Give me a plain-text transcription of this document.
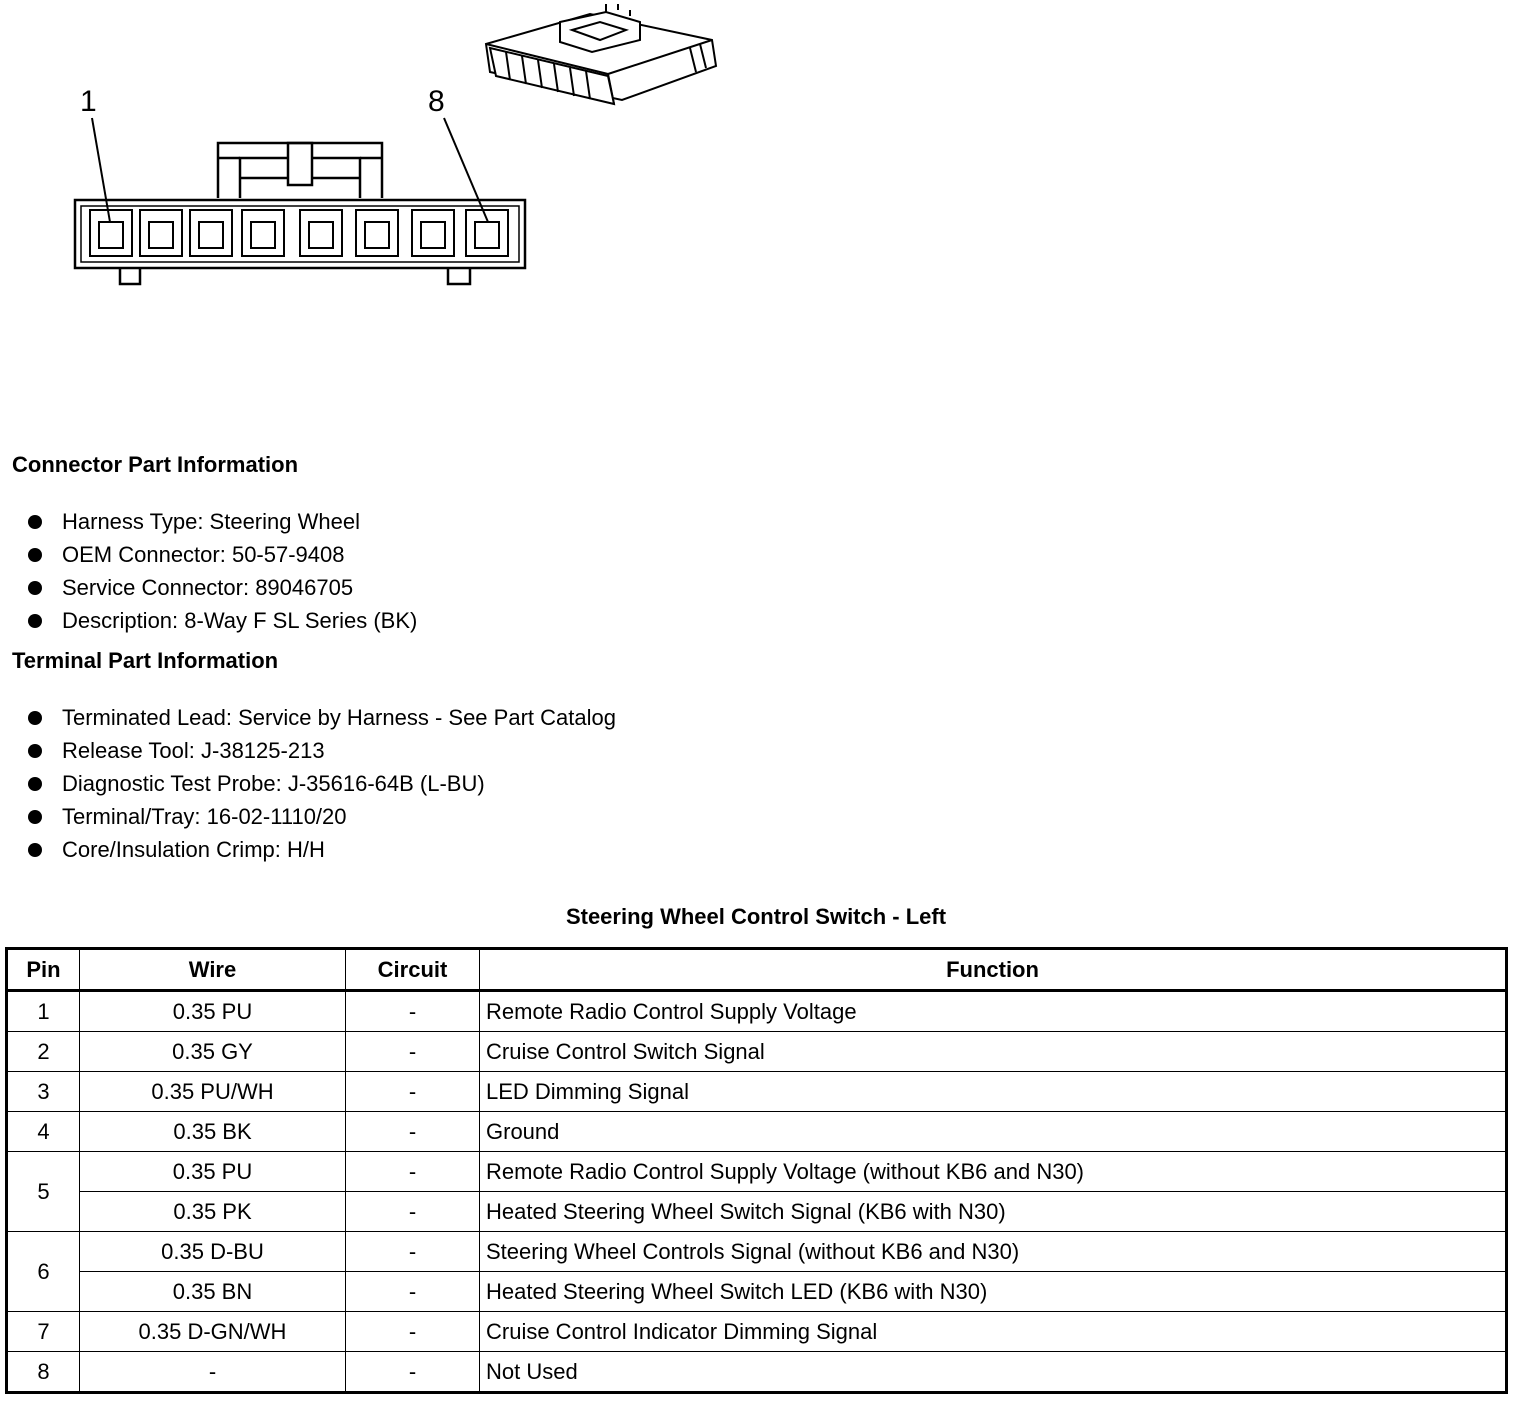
1	8
Connector Part Information
Harness Type: Steering Wheel
OEM Connector: 50-57-9408
Service Connector: 89046705
Description: 8-Way F SL Series (BK)
Terminal Part Information
Terminated Lead: Service by Harness - See Part Catalog
Release Tool: J-38125-213
Diagnostic Test Probe: J-35616-64B (L-BU)
Terminal/Tray: 16-02-1110/20
Core/Insulation Crimp: H/H
Steering Wheel Control Switch - Left
Pin	Wire	Circuit	Function
1	0.35 PU	-	Remote Radio Control Supply Voltage
2	0.35 GY	-	Cruise Control Switch Signal
3	0.35 PU/WH	-	LED Dimming Signal
4	0.35 BK	-	Ground
5	0.35 PU	-	Remote Radio Control Supply Voltage (without KB6 and N30)
	0.35 PK	-	Heated Steering Wheel Switch Signal (KB6 with N30)
6	0.35 D-BU	-	Steering Wheel Controls Signal (without KB6 and N30)
	0.35 BN	-	Heated Steering Wheel Switch LED (KB6 with N30)
7	0.35 D-GN/WH	-	Cruise Control Indicator Dimming Signal
8	-	-	Not Used
